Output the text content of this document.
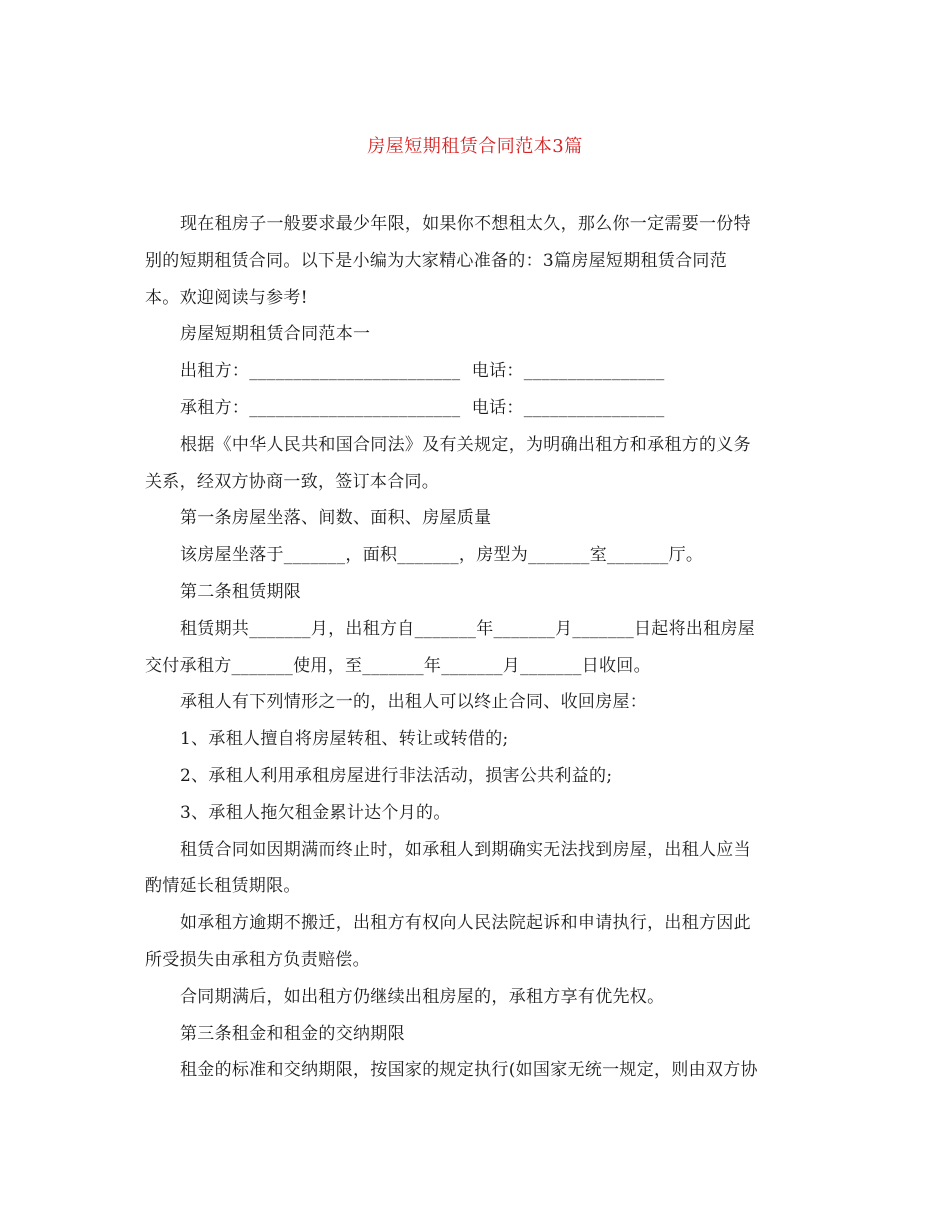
房屋短期租赁合同范本3篇
现在租房子一般要求最少年限，如果你不想租太久，那么你一定需要一份特
别的短期租赁合同。以下是小编为大家精心准备的：3篇房屋短期租赁合同范
本。欢迎阅读与参考!
房屋短期租赁合同范本一
出租方：________________________  电话：________________
承租方：________________________  电话：________________
根据《中华人民共和国合同法》及有关规定，为明确出租方和承租方的义务
关系，经双方协商一致，签订本合同。
第一条房屋坐落、间数、面积、房屋质量
该房屋坐落于_______，面积_______，房型为_______室_______厅。
第二条租赁期限
租赁期共_______月，出租方自_______年_______月_______日起将出租房屋
交付承租方_______使用，至_______年_______月_______日收回。
承租人有下列情形之一的，出租人可以终止合同、收回房屋：
1、承租人擅自将房屋转租、转让或转借的;
2、承租人利用承租房屋进行非法活动，损害公共利益的;
3、承租人拖欠租金累计达个月的。
租赁合同如因期满而终止时，如承租人到期确实无法找到房屋，出租人应当
酌情延长租赁期限。
如承租方逾期不搬迁，出租方有权向人民法院起诉和申请执行，出租方因此
所受损失由承租方负责赔偿。
合同期满后，如出租方仍继续出租房屋的，承租方享有优先权。
第三条租金和租金的交纳期限
租金的标准和交纳期限，按国家的规定执行(如国家无统一规定，则由双方协
